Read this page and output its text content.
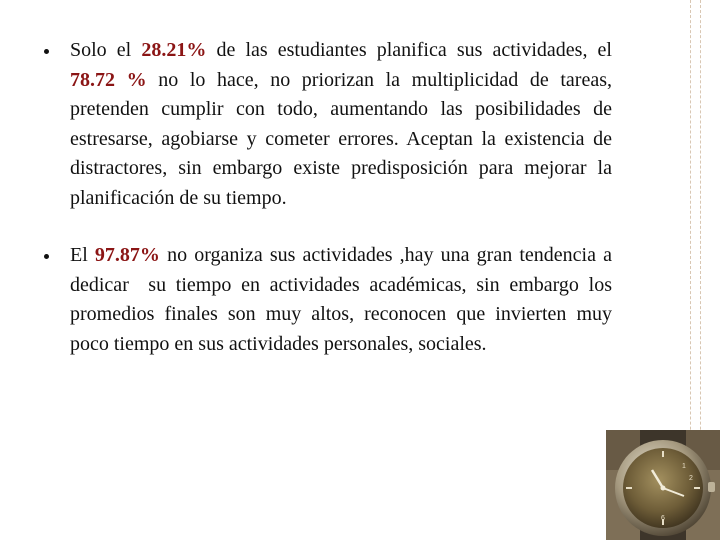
Solo el 28.21% de las estudiantes planifica sus actividades, el 78.72 % no lo hace, no priorizan la multiplicidad de tareas, pretenden cumplir con todo, aumentando las posibilidades de estresarse, agobiarse y cometer errores. Aceptan la existencia de distractores, sin embargo existe predisposición para mejorar la planificación de su tiempo.

El 97.87% no organiza sus actividades ,hay una gran tendencia a dedicar  su tiempo en actividades académicas, sin embargo los promedios finales son muy altos, reconocen que invierten muy poco tiempo en sus actividades personales, sociales.

1
2
6
